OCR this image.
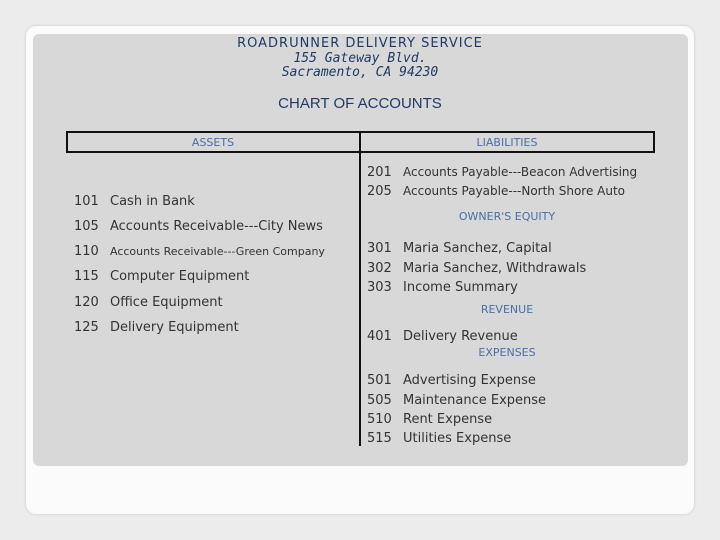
ROADRUNNER DELIVERY SERVICE
155 Gateway Blvd.
Sacramento, CA 94230
CHART OF ACCOUNTS
ASSETS	LIABILITIES
101 Cash in Bank
105 Accounts Receivable---City News
110 Accounts Receivable---Green Company
115 Computer Equipment
120 Office Equipment
125 Delivery Equipment
201 Accounts Payable---Beacon Advertising
205 Accounts Payable---North Shore Auto
OWNER'S EQUITY
301 Maria Sanchez, Capital
302 Maria Sanchez, Withdrawals
303 Income Summary
REVENUE
401 Delivery Revenue
EXPENSES
501 Advertising Expense
505 Maintenance Expense
510 Rent Expense
515 Utilities Expense
